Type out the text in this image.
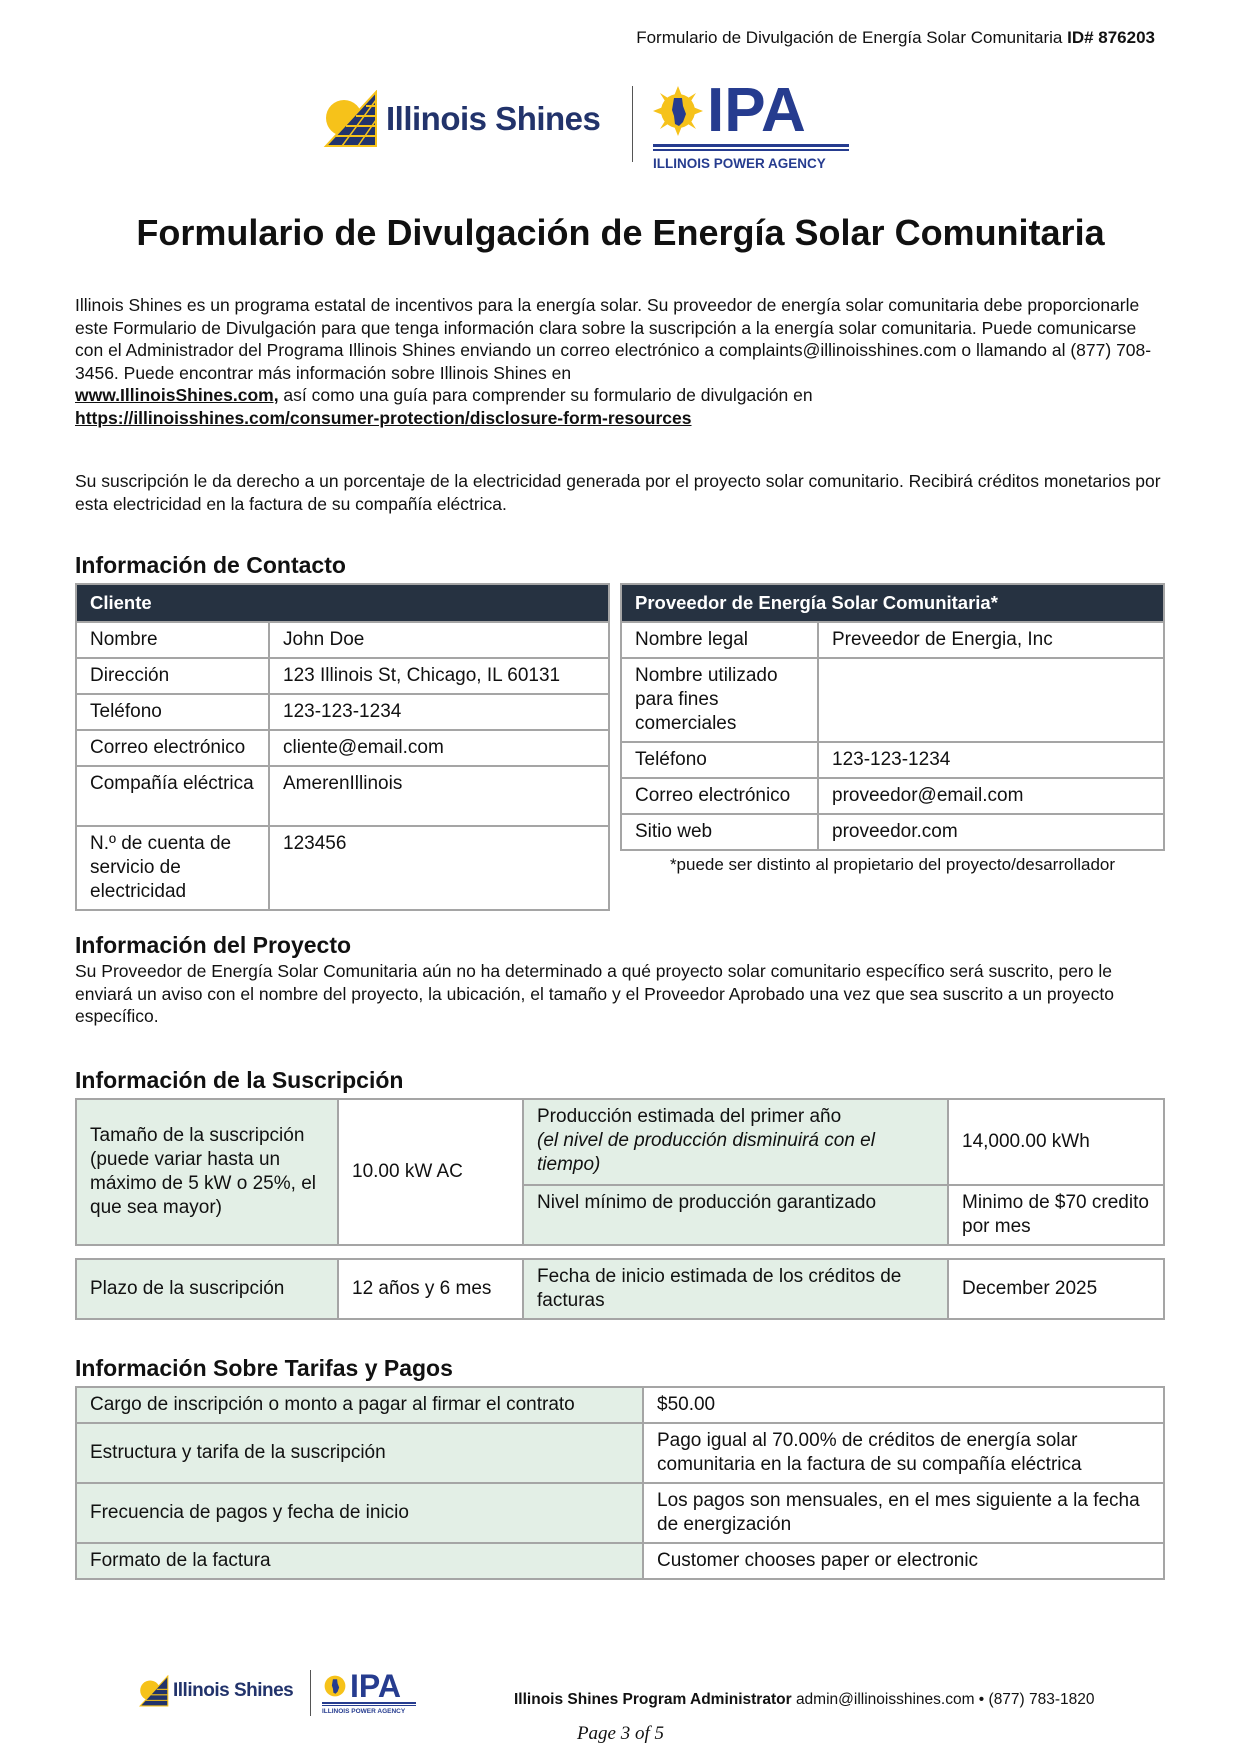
Formulario de Divulgación de Energía Solar Comunitaria ID# 876203
Illinois Shines IPA
ILLINOIS POWER AGENCY
Formulario de Divulgación de Energía Solar Comunitaria
Illinois Shines es un programa estatal de incentivos para la energía solar. Su proveedor de energía solar comunitaria debe proporcionarle este Formulario de Divulgación para que tenga información clara sobre la suscripción a la energía solar comunitaria. Puede comunicarse con el Administrador del Programa Illinois Shines enviando un correo electrónico a complaints@illinoisshines.com o llamando al (877) 708-3456. Puede encontrar más información sobre Illinois Shines en
www.IllinoisShines.com, así como una guía para comprender su formulario de divulgación en
https://illinoisshines.com/consumer-protection/disclosure-form-resources
Su suscripción le da derecho a un porcentaje de la electricidad generada por el proyecto solar comunitario. Recibirá créditos monetarios por esta electricidad en la factura de su compañía eléctrica.
Información de Contacto
Cliente	
Nombre	John Doe
Dirección	123 Illinois St, Chicago, IL 60131
Teléfono	123-123-1234
Correo electrónico	cliente@email.com
Compañía eléctrica	AmerenIllinois
N.º de cuenta de servicio de electricidad	123456
Proveedor de Energía Solar Comunitaria*	
Nombre legal	Preveedor de Energia, Inc
Nombre utilizado para fines comerciales	
Teléfono	123-123-1234
Correo electrónico	proveedor@email.com
Sitio web	proveedor.com
*puede ser distinto al propietario del proyecto/desarrollador
Información del Proyecto
Su Proveedor de Energía Solar Comunitaria aún no ha determinado a qué proyecto solar comunitario específico será suscrito, pero le enviará un aviso con el nombre del proyecto, la ubicación, el tamaño y el Proveedor Aprobado una vez que sea suscrito a un proyecto específico.
Información de la Suscripción
Tamaño de la suscripción (puede variar hasta un máximo de 5 kW o 25%, el que sea mayor)	10.00 kW AC	Producción estimada del primer año
(el nivel de producción disminuirá con el tiempo)	14,000.00 kWh
		Nivel mínimo de producción garantizado	Minimo de $70 credito por mes
Plazo de la suscripción	12 años y 6 mes	Fecha de inicio estimada de los créditos de facturas	December 2025
Información Sobre Tarifas y Pagos
Cargo de inscripción o monto a pagar al firmar el contrato	$50.00
Estructura y tarifa de la suscripción	Pago igual al 70.00% de créditos de energía solar comunitaria en la factura de su compañía eléctrica
Frecuencia de pagos y fecha de inicio	Los pagos son mensuales, en el mes siguiente a la fecha de energización
Formato de la factura	Customer chooses paper or electronic
Illinois Shines IPA
ILLINOIS POWER AGENCY
Illinois Shines Program Administrator admin@illinoisshines.com • (877) 783-1820
Page 3 of 5
